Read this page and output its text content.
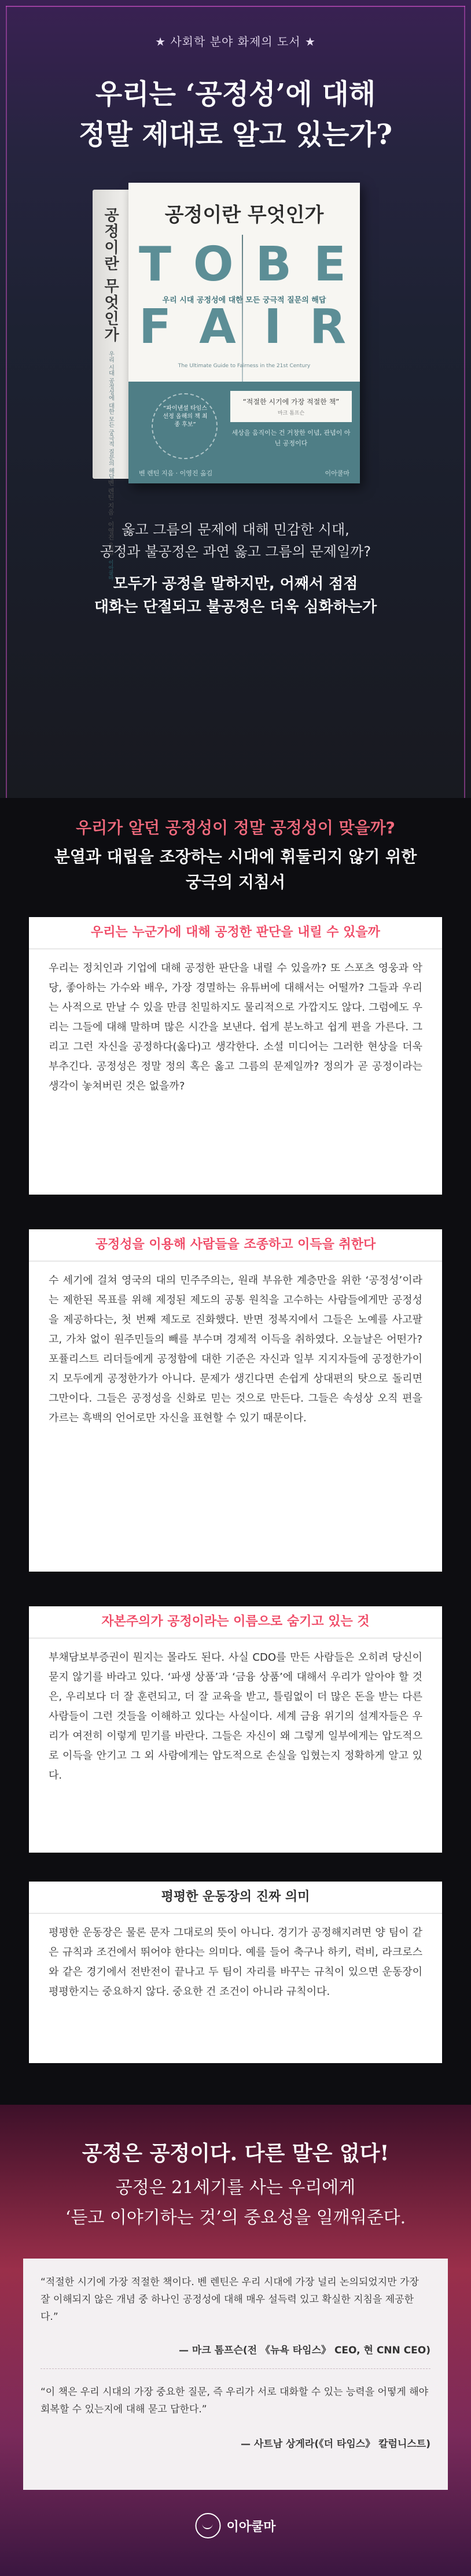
★ 사회학 분야 화제의 도서 ★
우리는 ‘공정성’에 대해
정말 제대로 알고 있는가?
공정이란 무엇인가
우리 시대 공정성에 대한 모든 궁극적 질문의 해답
벤 렌틴 지음 · 이영진 옮김
이아쿨마
공정이란 무엇인가
T O B E
F A I R
우리 시대 공정성에 대한 모든 궁극적 질문의 해답
The Ultimate Guide to Fairness in the 21st Century
“파이낸셜 타임스 선정 올해의 책 최종 후보”
“적절한 시기에 가장 적절한 책”
마크 톰프슨
세상을 움직이는 건 거창한 이념, 관념이 아닌 공정이다
벤 렌틴 지음 · 이영진 옮김	이아쿨마
옳고 그름의 문제에 대해 민감한 시대,
공정과 불공정은 과연 옳고 그름의 문제일까?
모두가 공정을 말하지만, 어째서 점점
대화는 단절되고 불공정은 더욱 심화하는가
우리가 알던 공정성이 정말 공정성이 맞을까?
분열과 대립을 조장하는 시대에 휘둘리지 않기 위한
궁극의 지침서
우리는 누군가에 대해 공정한 판단을 내릴 수 있을까
우리는 정치인과 기업에 대해 공정한 판단을 내릴 수 있을까? 또 스포츠 영웅과 악당, 좋아하는 가수와 배우, 가장 경멸하는 유튜버에 대해서는 어떨까? 그들과 우리는 사적으로 만날 수 있을 만큼 친밀하지도 물리적으로 가깝지도 않다. 그럼에도 우리는 그들에 대해 말하며 많은 시간을 보낸다. 쉽게 분노하고 쉽게 편을 가른다. 그리고 그런 자신을 공정하다(옳다)고 생각한다. 소셜 미디어는 그러한 현상을 더욱 부추긴다. 공정성은 정말 정의 혹은 옳고 그름의 문제일까? 정의가 곧 공정이라는 생각이 놓쳐버린 것은 없을까?
공정성을 이용해 사람들을 조종하고 이득을 취한다
수 세기에 걸쳐 영국의 대의 민주주의는, 원래 부유한 계층만을 위한 ‘공정성’이라는 제한된 목표를 위해 제정된 제도의 공통 원칙을 고수하는 사람들에게만 공정성을 제공하다는, 첫 번째 제도로 진화했다. 반면 정복지에서 그들은 노예를 사고팔고, 가차 없이 원주민들의 빼를 부수며 경제적 이득을 취하였다. 오늘날은 어떤가? 포퓰리스트 리더들에게 공정함에 대한 기준은 자신과 일부 지지자들에 공정한가이지 모두에게 공정한가가 아니다. 문제가 생긴다면 손쉽게 상대편의 탓으로 돌리면 그만이다. 그들은 공정성을 신화로 믿는 것으로 만든다. 그들은 속성상 오직 편을 가르는 흑백의 언어로만 자신을 표현할 수 있기 때문이다.
자본주의가 공정이라는 이름으로 숨기고 있는 것
부채담보부증권이 뭔지는 몰라도 된다. 사실 CDO를 만든 사람들은 오히려 당신이 묻지 않기를 바라고 있다. ‘파생 상품’과 ‘금융 상품’에 대해서 우리가 알아야 할 것은, 우리보다 더 잘 훈련되고, 더 잘 교육을 받고, 틀림없이 더 많은 돈을 받는 다른 사람들이 그런 것들을 이해하고 있다는 사실이다. 세계 금융 위기의 설계자들은 우리가 여전히 이렇게 믿기를 바란다. 그들은 자신이 왜 그렇게 일부에게는 압도적으로 이득을 안기고 그 외 사람에게는 압도적으로 손실을 입혔는지 정확하게 알고 있다.
평평한 운동장의 진짜 의미
평평한 운동장은 물론 문자 그대로의 뜻이 아니다. 경기가 공정해지려면 양 팀이 같은 규칙과 조건에서 뛰어야 한다는 의미다. 예를 들어 축구나 하키, 럭비, 라크로스와 같은 경기에서 전반전이 끝나고 두 팀이 자리를 바꾸는 규칙이 있으면 운동장이 평평한지는 중요하지 않다. 중요한 건 조건이 아니라 규칙이다.
공정은 공정이다. 다른 말은 없다!
공정은 21세기를 사는 우리에게
‘듣고 이야기하는 것’의 중요성을 일깨워준다.
“적절한 시기에 가장 적절한 책이다. 벤 렌틴은 우리 시대에 가장 널리 논의되었지만 가장 잘 이해되지 않은 개념 중 하나인 공정성에 대해 매우 설득력 있고 확실한 지침을 제공한다.”
— 마크 톰프슨(전 《뉴욕 타임스》 CEO, 현 CNN CEO)
“이 책은 우리 시대의 가장 중요한 질문, 즉 우리가 서로 대화할 수 있는 능력을 어떻게 해야 회복할 수 있는지에 대해 묻고 답한다.”
— 사트남 상게라(《더 타임스》 칼럼니스트)
이아쿨마
